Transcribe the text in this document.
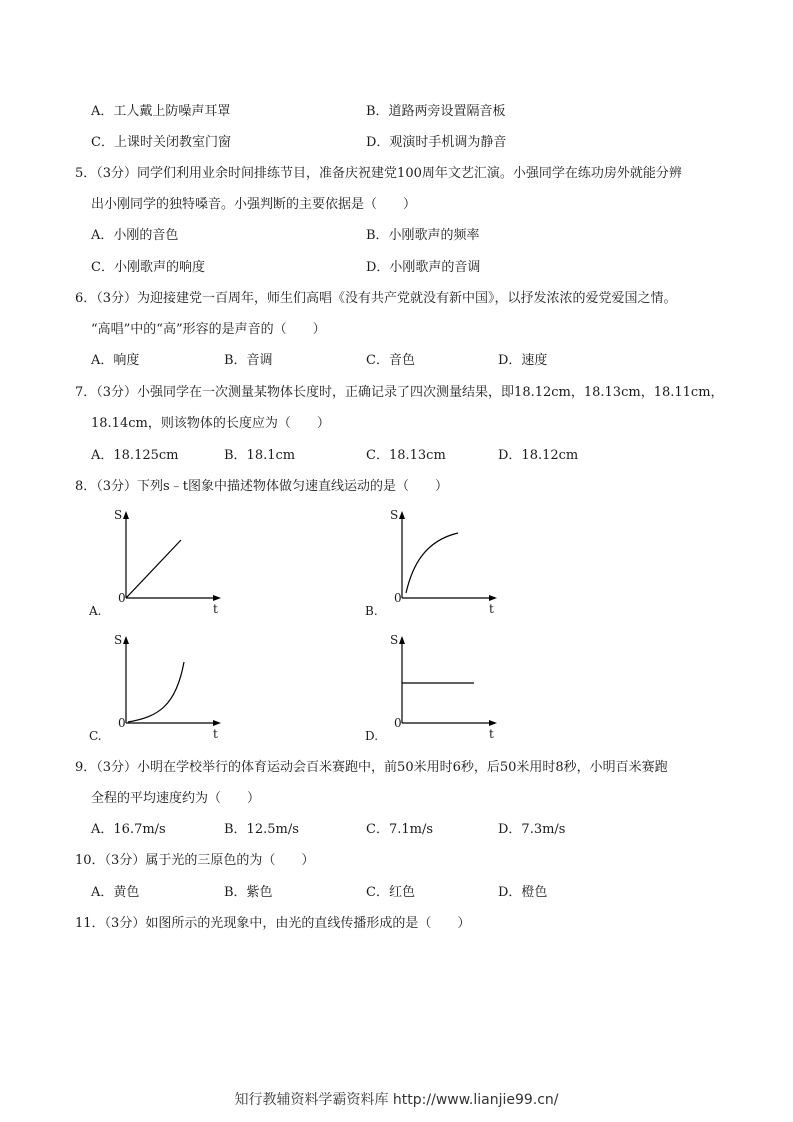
A．工人戴上防噪声耳罩	B．道路两旁设置隔音板
C．上课时关闭教室门窗	D．观演时手机调为静音
5．（3分）同学们利用业余时间排练节目，准备庆祝建党100周年文艺汇演。小强同学在练功房外就能分辨
出小刚同学的独特嗓音。小强判断的主要依据是（　　）
A．小刚的音色	B．小刚歌声的频率
C．小刚歌声的响度	D．小刚歌声的音调
6．（3分）为迎接建党一百周年，师生们高唱《没有共产党就没有新中国》，以抒发浓浓的爱党爱国之情。
“高唱”中的“高”形容的是声音的（　　）
A．响度	B．音调	C．音色	D．速度
7．（3分）小强同学在一次测量某物体长度时，正确记录了四次测量结果，即18.12cm，18.13cm，18.11cm，
18.14cm，则该物体的长度应为（　　）
A．18.125cm	B．18.1cm	C．18.13cm	D．18.12cm
8．（3分）下列s﹣t图象中描述物体做匀速直线运动的是（　　）
S
t
0
A.
S
t
0
B.
S
t
0
C.
S
t
0
D.
9．（3分）小明在学校举行的体育运动会百米赛跑中，前50米用时6秒，后50米用时8秒，小明百米赛跑
全程的平均速度约为（　　）
A．16.7m/s	B．12.5m/s	C．7.1m/s	D．7.3m/s
10．（3分）属于光的三原色的为（　　）
A．黄色	B．紫色	C．红色	D．橙色
11．（3分）如图所示的光现象中，由光的直线传播形成的是（　　）
知行教辅资料学霸资料库 http://www.lianjie99.cn/
